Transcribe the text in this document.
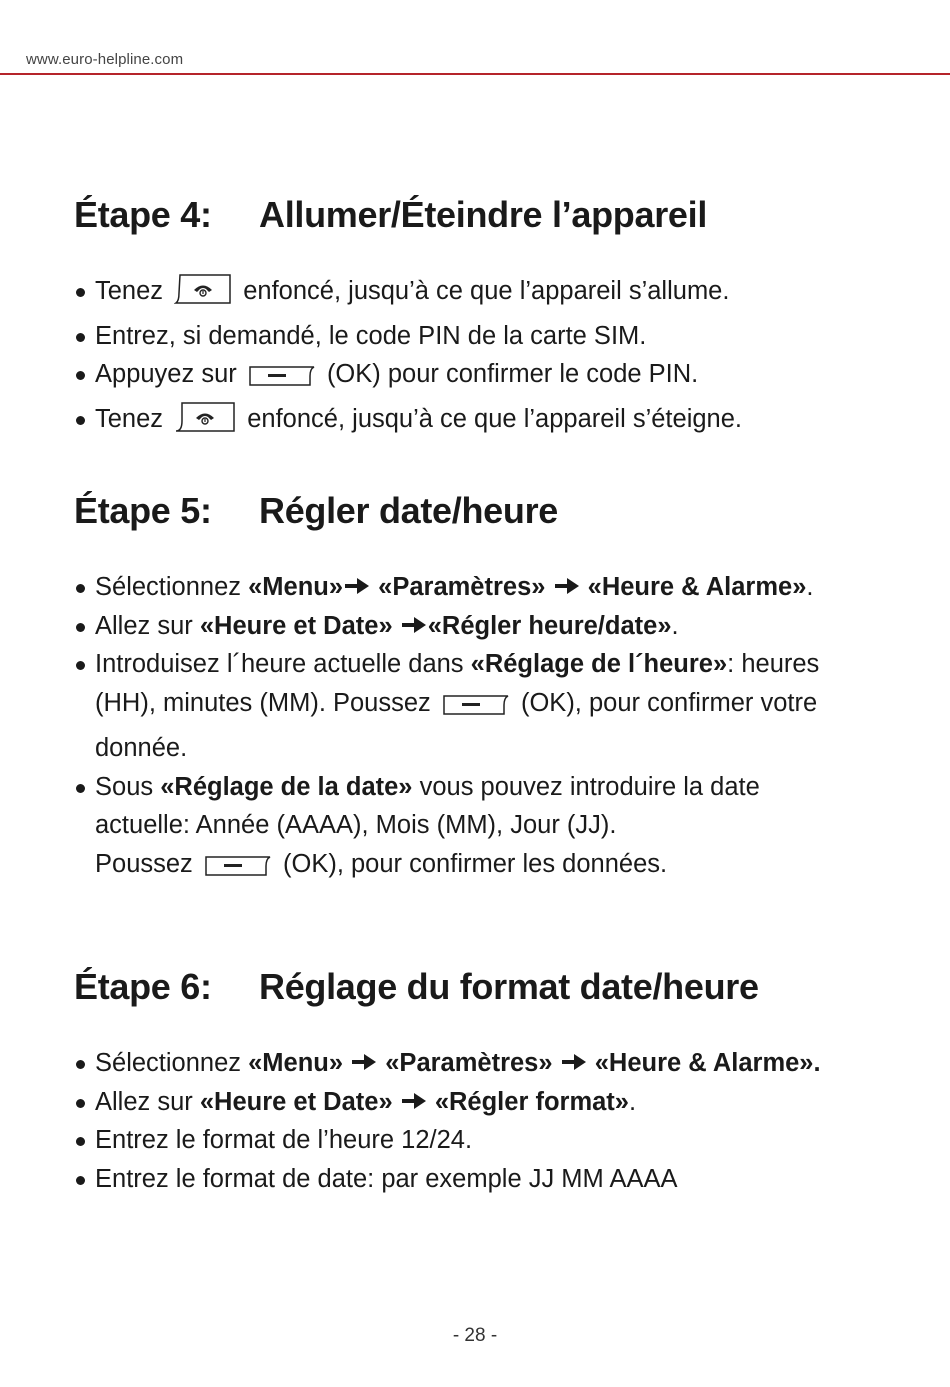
www.euro-helpline.com
Étape 4:	Allumer/Éteindre l’appareil
Tenez	enfoncé, jusqu’à ce que l’appareil s’allume.
Entrez, si demandé, le code PIN de la carte SIM.
Appuyez sur	(OK) pour confirmer le code PIN.
Tenez	enfoncé, jusqu’à ce que l’appareil s’éteigne.
Étape 5:	Régler date/heure
Sélectionnez «Menu» «Paramètres» «Heure & Alarme».
Allez sur «Heure et Date» «Régler heure/date».
Introduisez l´heure actuelle dans «Réglage de l´heure»: heures
(HH), minutes (MM). Poussez	(OK), pour confirmer votre
donnée.
Sous «Réglage de la date» vous pouvez introduire la date
actuelle: Année (AAAA), Mois (MM), Jour (JJ).
Poussez	(OK), pour confirmer les données.
Étape 6:	Réglage du format date/heure
Sélectionnez «Menu» «Paramètres» «Heure & Alarme».
Allez sur «Heure et Date» «Régler format».
Entrez le format de l’heure 12/24.
Entrez le format de date: par exemple JJ MM AAAA
- 28 -
